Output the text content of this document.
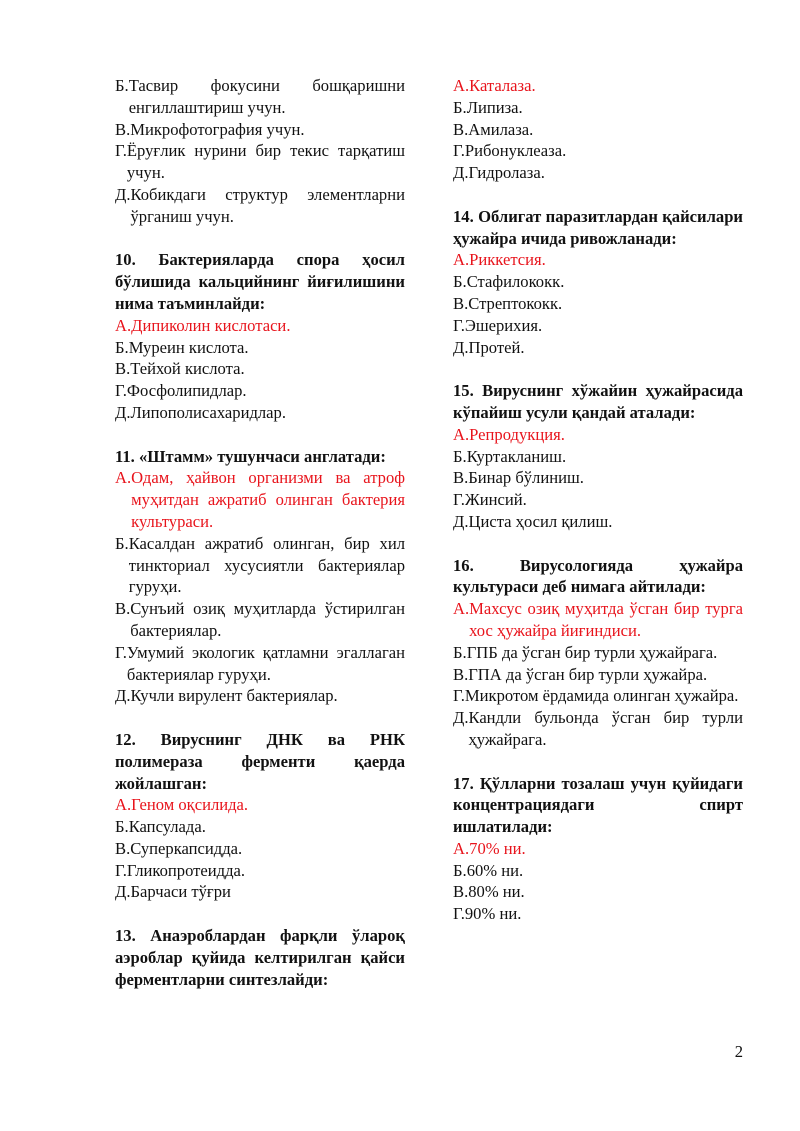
Б. Тасвир фокусини бошқаришни енгиллаштириш учун.
В. Микрофотография учун.
Г. Ёруғлик нурини бир текис тарқатиш учун.
Д. Кобикдаги структур элементларни ўрганиш учун.
10. Бактерияларда спора ҳосил бўлишида кальцийнинг йиғилишини нима таъминлайди:
А. Дипиколин кислотаси.
Б. Муреин кислота.
В. Тейхой кислота.
Г. Фосфолипидлар.
Д. Липополисахаридлар.
11. «Штамм» тушунчаси англатади:
А. Одам, ҳайвон организми ва атроф муҳитдан ажратиб олинган бактерия культураси.
Б. Касалдан ажратиб олинган, бир хил тинкториал хусусиятли бактериялар гуруҳи.
В. Сунъий озиқ муҳитларда ўстирилган бактериялар.
Г. Умумий экологик қатламни эгаллаган бактериялар гуруҳи.
Д. Кучли вирулент бактериялар.
12. Вируснинг ДНК ва РНК полимераза ферменти қаерда жойлашган:
А. Геном оқсилида.
Б. Капсулада.
В. Суперкапсидда.
Г. Гликопротеидда.
Д. Барчаси тўғри
13. Анаэроблардан фарқли ўлароқ аэроблар қуйида келтирилган қайси ферментларни синтезлайди:
А. Каталаза.
Б. Липиза.
В. Амилаза.
Г. Рибонуклеаза.
Д. Гидролаза.
14. Облигат паразитлардан қайсилари ҳужайра ичида ривожланади:
А. Риккетсия.
Б. Стафилококк.
В. Стрептококк.
Г. Эшерихия.
Д. Протей.
15. Вируснинг хўжайин ҳужайрасида кўпайиш усули қандай аталади:
А. Репродукция.
Б. Куртакланиш.
В. Бинар бўлиниш.
Г. Жинсий.
Д. Циста ҳосил қилиш.
16. Вирусологияда ҳужайра культураси деб нимага айтилади:
А. Махсус озиқ муҳитда ўсган бир турга хос ҳужайра йиғиндиси.
Б. ГПБ да ўсган бир турли ҳужайрага.
В. ГПА да ўсган бир турли ҳужайра.
Г. Микротом ёрдамида олинган ҳужайра.
Д. Кандли бульонда ўсган бир турли ҳужайрага.
17. Қўлларни тозалаш учун қуйидаги концентрациядаги спирт ишлатилади:
А. 70% ни.
Б. 60% ни.
В. 80% ни.
Г. 90% ни.
2
